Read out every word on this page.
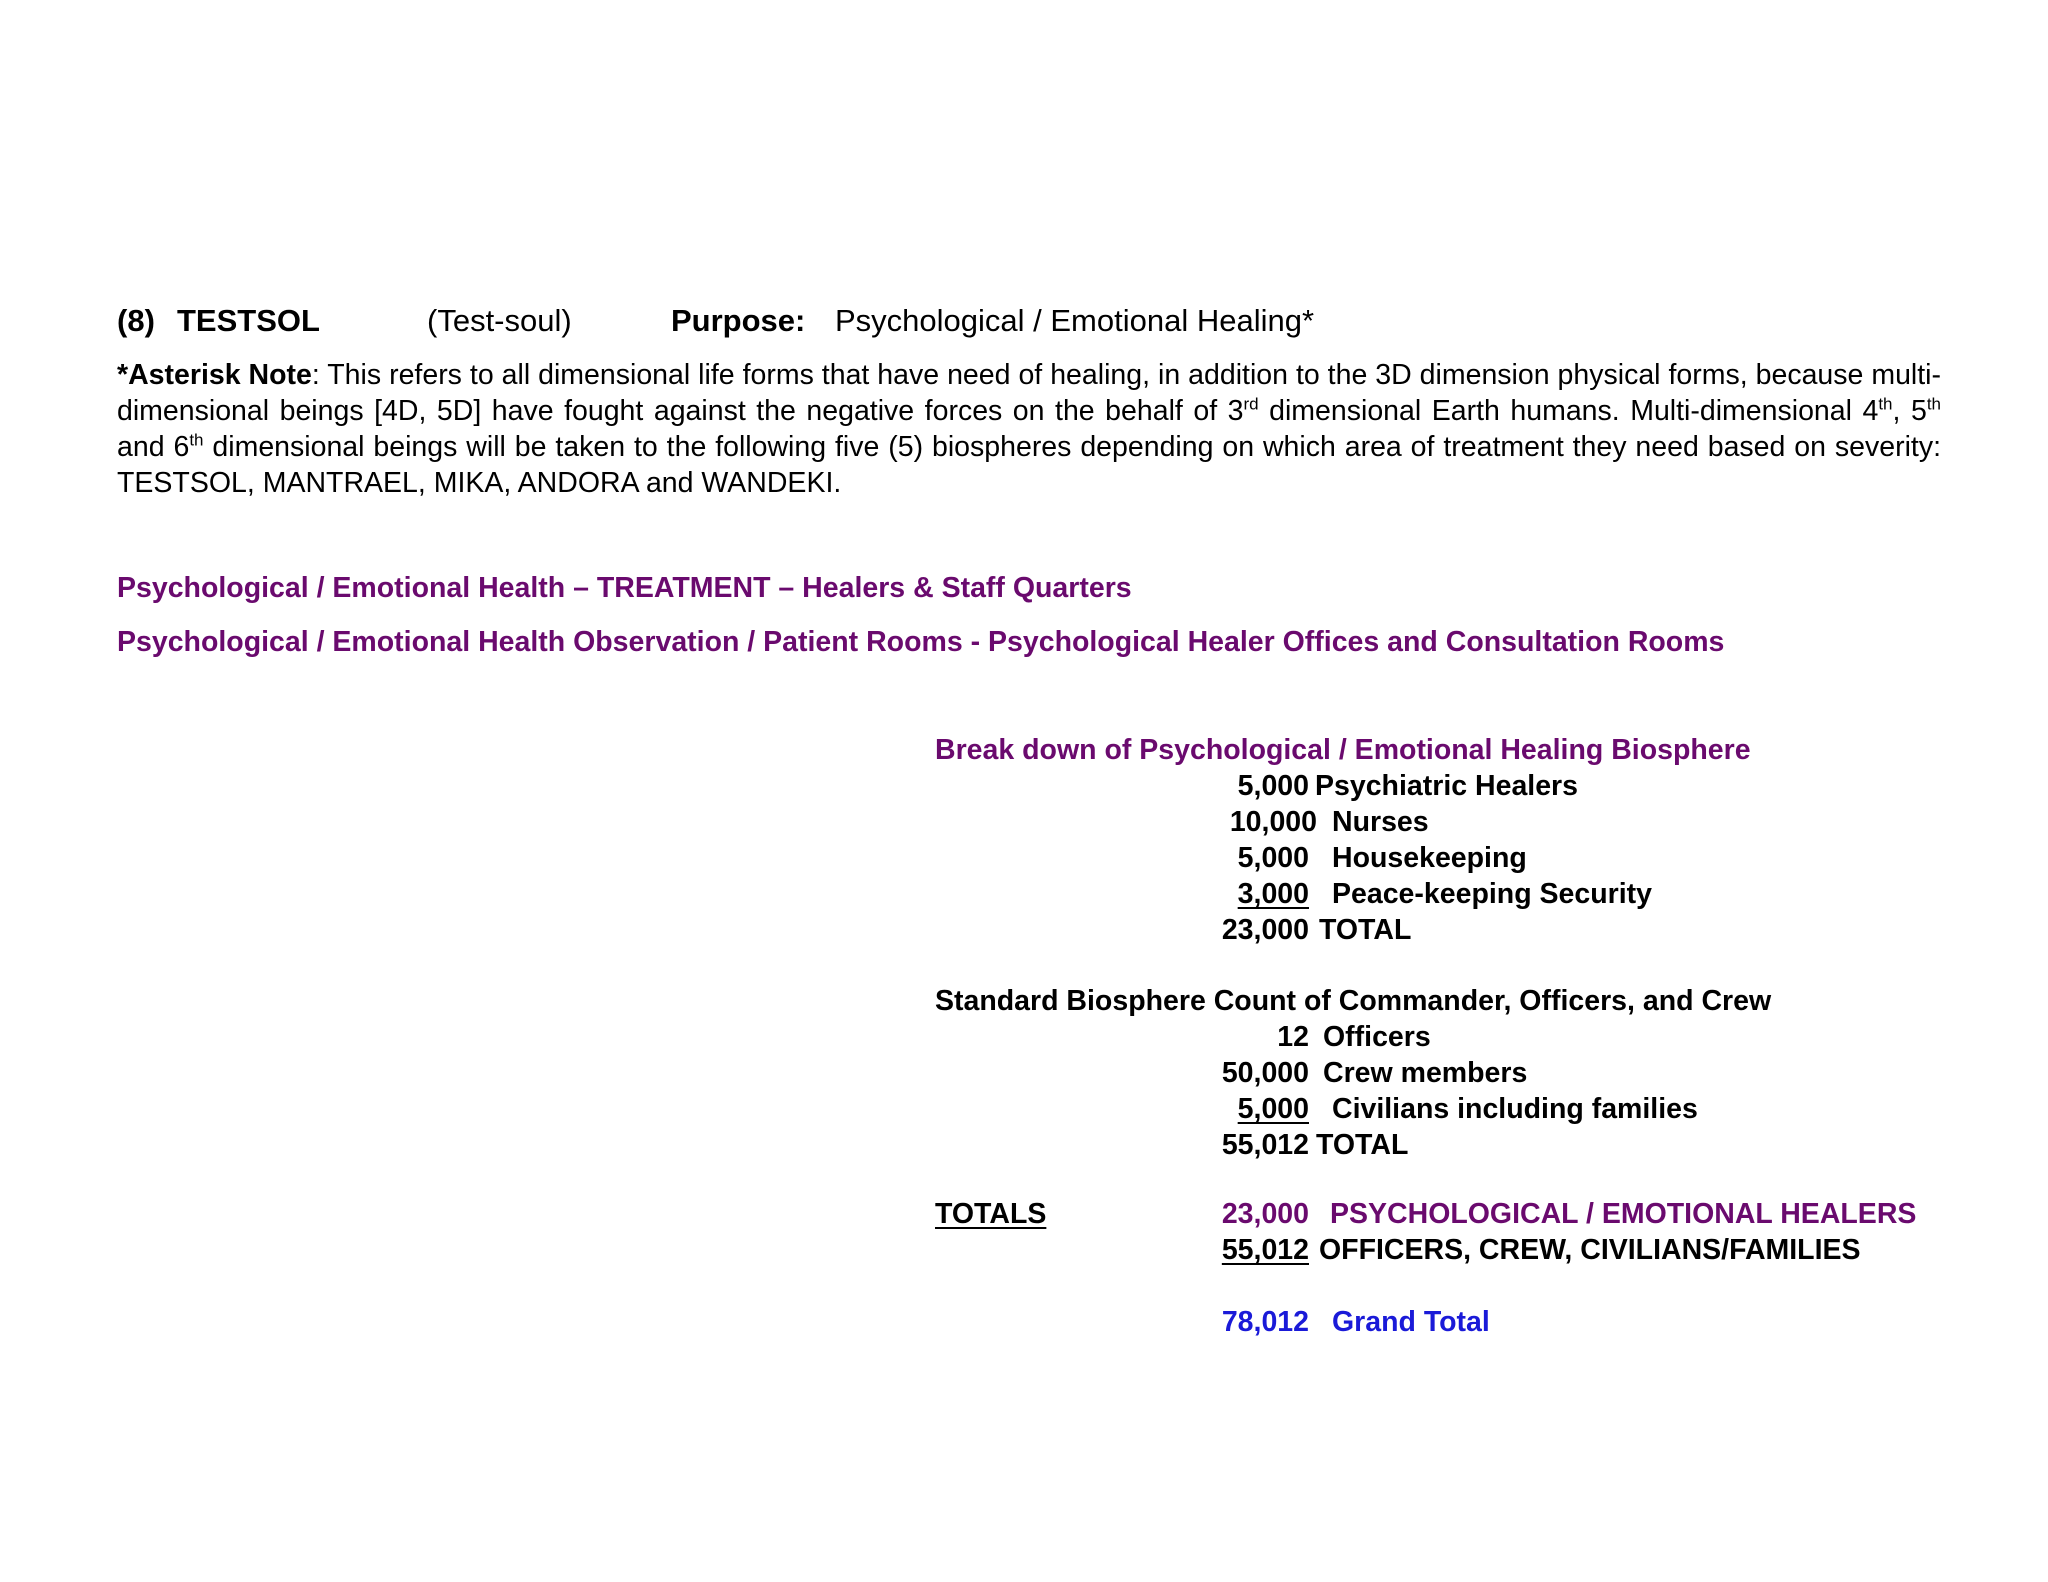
(8) TESTSOL	(Test-soul)	Purpose: Psychological / Emotional Healing*
*Asterisk Note: This refers to all dimensional life forms that have need of healing, in addition to the 3D dimension physical forms, because multi-dimensional beings [4D, 5D] have fought against the negative forces on the behalf of 3rd dimensional Earth humans. Multi-dimensional 4th, 5th and 6th dimensional beings will be taken to the following five (5) biospheres depending on which area of treatment they need based on severity: TESTSOL, MANTRAEL, MIKA, ANDORA and WANDEKI.
Psychological / Emotional Health – TREATMENT – Healers & Staff Quarters
Psychological / Emotional Health Observation / Patient Rooms - Psychological Healer Offices and Consultation Rooms
Break down of Psychological / Emotional Healing Biosphere
5,000 Psychiatric Healers
10,000 Nurses
5,000 Housekeeping
3,000 Peace-keeping Security
23,000 TOTAL
Standard Biosphere Count of Commander, Officers, and Crew
12 Officers
50,000 Crew members
5,000 Civilians including families
55,012 TOTAL
TOTALS	23,000 PSYCHOLOGICAL / EMOTIONAL HEALERS
55,012 OFFICERS, CREW, CIVILIANS/FAMILIES
78,012 Grand Total
